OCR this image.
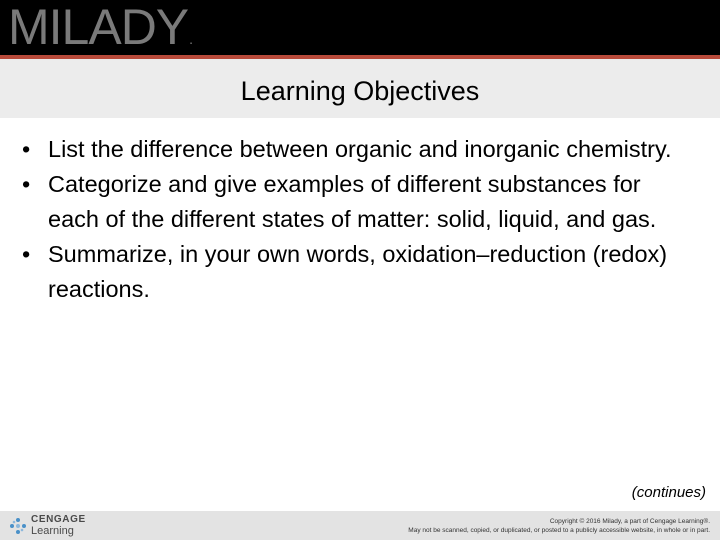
MILADY.
Learning Objectives
• List the difference between organic and inorganic chemistry.
• Categorize and give examples of different substances for each of the different states of matter: solid, liquid, and gas.
• Summarize, in your own words, oxidation–reduction (redox) reactions.
(continues)
CENGAGE
Learning
Copyright © 2016 Milady, a part of Cengage Learning®.
May not be scanned, copied, or duplicated, or posted to a publicly accessible website, in whole or in part.
